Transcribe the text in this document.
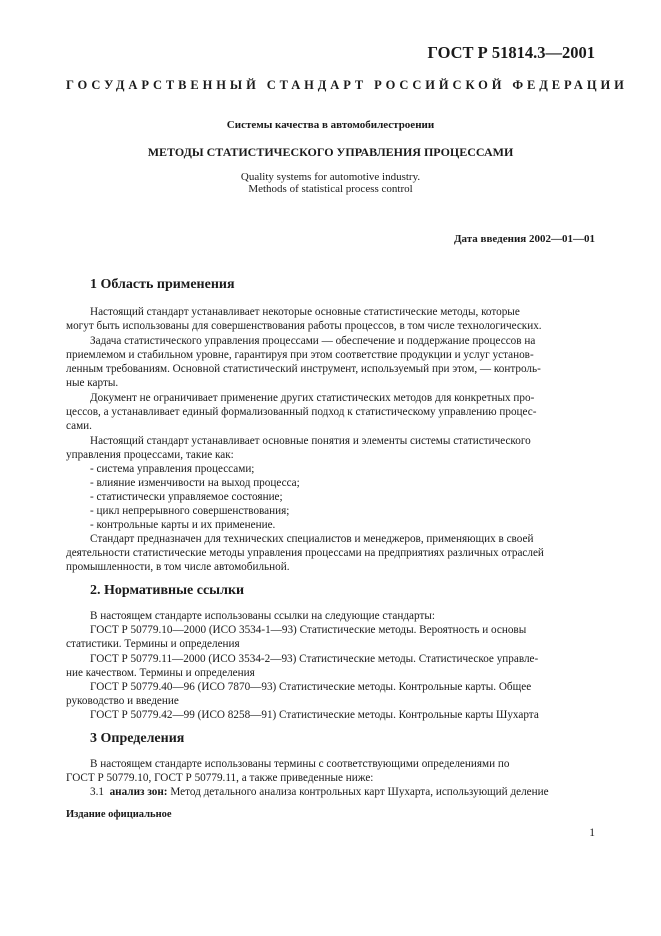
ГОСТ Р 51814.3—2001
ГОСУДАРСТВЕННЫЙ СТАНДАРТ РОССИЙСКОЙ ФЕДЕРАЦИИ
Системы качества в автомобилестроении
МЕТОДЫ СТАТИСТИЧЕСКОГО УПРАВЛЕНИЯ ПРОЦЕССАМИ
Quality systems for automotive industry.
Methods of statistical process control
Дата введения 2002—01—01
1 Область применения
Настоящий стандарт устанавливает некоторые основные статистические методы, которые
могут быть использованы для совершенствования работы процессов, в том числе технологических.
Задача статистического управления процессами — обеспечение и поддержание процессов на
приемлемом и стабильном уровне, гарантируя при этом соответствие продукции и услуг установ-
ленным требованиям. Основной статистический инструмент, используемый при этом, — контроль-
ные карты.
Документ не ограничивает применение других статистических методов для конкретных про-
цессов, а устанавливает единый формализованный подход к статистическому управлению процес-
сами.
Настоящий стандарт устанавливает основные понятия и элементы системы статистического
управления процессами, такие как:
- система управления процессами;
- влияние изменчивости на выход процесса;
- статистически управляемое состояние;
- цикл непрерывного совершенствования;
- контрольные карты и их применение.
Стандарт предназначен для технических специалистов и менеджеров, применяющих в своей
деятельности статистические методы управления процессами на предприятиях различных отраслей
промышленности, в том числе автомобильной.
2. Нормативные ссылки
В настоящем стандарте использованы ссылки на следующие стандарты:
ГОСТ Р 50779.10—2000 (ИСО 3534-1—93) Статистические методы. Вероятность и основы
статистики. Термины и определения
ГОСТ Р 50779.11—2000 (ИСО 3534-2—93) Статистические методы. Статистическое управле-
ние качеством. Термины и определения
ГОСТ Р 50779.40—96 (ИСО 7870—93) Статистические методы. Контрольные карты. Общее
руководство и введение
ГОСТ Р 50779.42—99 (ИСО 8258—91) Статистические методы. Контрольные карты Шухарта
3 Определения
В настоящем стандарте использованы термины с соответствующими определениями по
ГОСТ Р 50779.10, ГОСТ Р 50779.11, а также приведенные ниже:
3.1 анализ зон: Метод детального анализа контрольных карт Шухарта, использующий деление
Издание официальное
1
